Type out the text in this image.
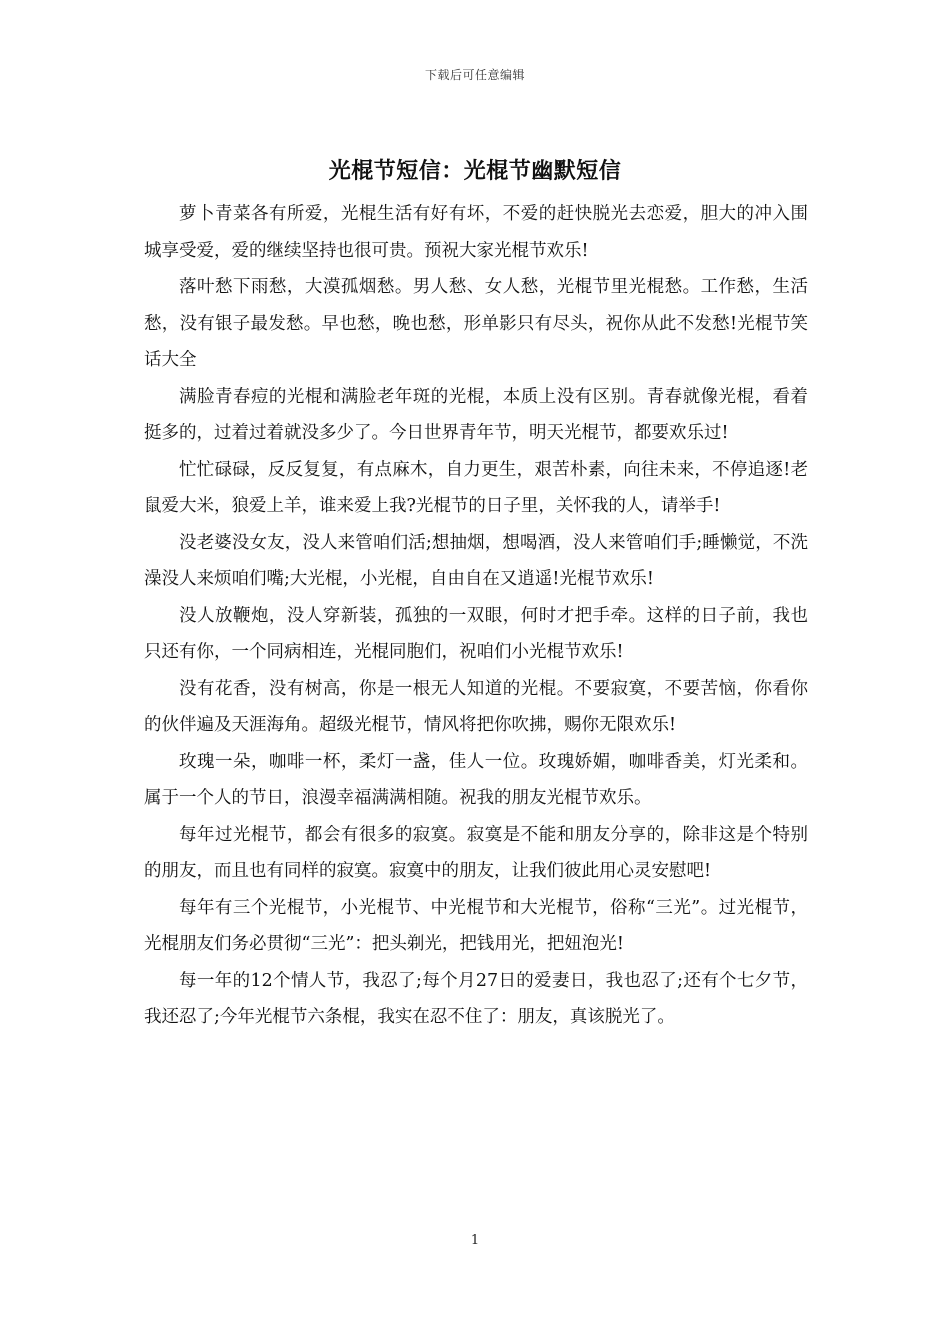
下载后可任意编辑
光棍节短信：光棍节幽默短信

萝卜青菜各有所爱，光棍生活有好有坏，不爱的赶快脱光去恋爱，胆大的冲入围城享受爱，爱的继续坚持也很可贵。预祝大家光棍节欢乐!

落叶愁下雨愁，大漠孤烟愁。男人愁、女人愁，光棍节里光棍愁。工作愁，生活愁，没有银子最发愁。早也愁，晚也愁，形单影只有尽头，祝你从此不发愁!光棍节笑话大全

满脸青春痘的光棍和满脸老年斑的光棍，本质上没有区别。青春就像光棍，看着挺多的，过着过着就没多少了。今日世界青年节，明天光棍节，都要欢乐过!

忙忙碌碌，反反复复，有点麻木，自力更生，艰苦朴素，向往未来，不停追逐!老鼠爱大米，狼爱上羊，谁来爱上我?光棍节的日子里，关怀我的人，请举手!

没老婆没女友，没人来管咱们活;想抽烟，想喝酒，没人来管咱们手;睡懒觉，不洗澡没人来烦咱们嘴;大光棍，小光棍，自由自在又逍遥!光棍节欢乐!

没人放鞭炮，没人穿新装，孤独的一双眼，何时才把手牵。这样的日子前，我也只还有你，一个同病相连，光棍同胞们，祝咱们小光棍节欢乐!

没有花香，没有树高，你是一根无人知道的光棍。不要寂寞，不要苦恼，你看你的伙伴遍及天涯海角。超级光棍节，情风将把你吹拂，赐你无限欢乐!

玫瑰一朵，咖啡一杯，柔灯一盏，佳人一位。玫瑰娇媚，咖啡香美，灯光柔和。属于一个人的节日，浪漫幸福满满相随。祝我的朋友光棍节欢乐。

每年过光棍节，都会有很多的寂寞。寂寞是不能和朋友分享的，除非这是个特别的朋友，而且也有同样的寂寞。寂寞中的朋友，让我们彼此用心灵安慰吧!

每年有三个光棍节，小光棍节、中光棍节和大光棍节，俗称“三光”。过光棍节，光棍朋友们务必贯彻“三光”：把头剃光，把钱用光，把妞泡光!

每一年的12个情人节，我忍了;每个月27日的爱妻日，我也忍了;还有个七夕节，我还忍了;今年光棍节六条棍，我实在忍不住了：朋友，真该脱光了。

1
